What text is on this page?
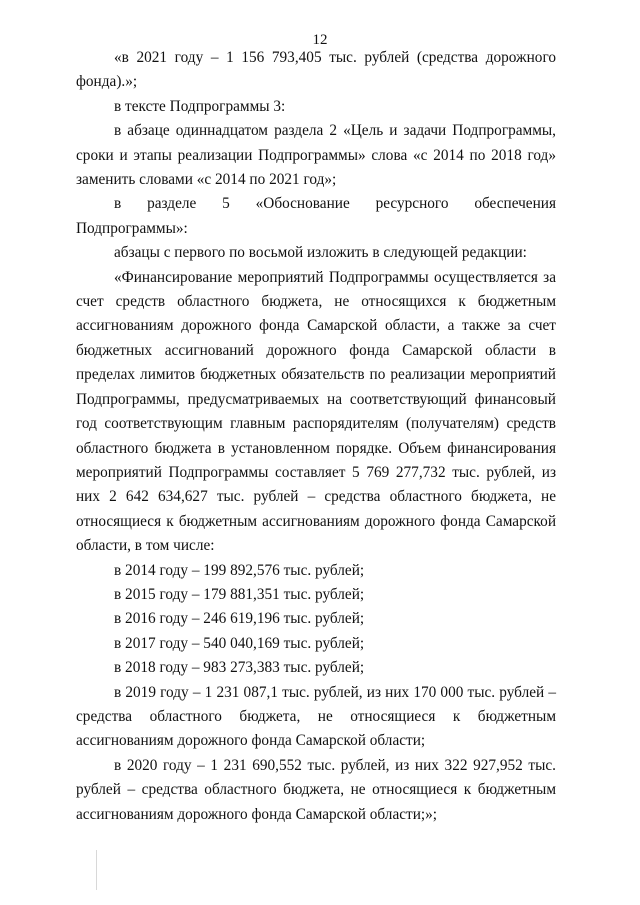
12

«в 2021 году – 1 156 793,405 тыс. рублей (средства дорожного фонда).»;

в тексте Подпрограммы 3:

в абзаце одиннадцатом раздела 2 «Цель и задачи Подпрограммы, сроки и этапы реализации Подпрограммы» слова «с 2014 по 2018 год» заменить словами «с 2014 по 2021 год»;

в разделе 5 «Обоснование ресурсного обеспечения Подпрограммы»:

абзацы с первого по восьмой изложить в следующей редакции:

«Финансирование мероприятий Подпрограммы осуществляется за счет средств областного бюджета, не относящихся к бюджетным ассигнованиям дорожного фонда Самарской области, а также за счет бюджетных ассигнований дорожного фонда Самарской области в пределах лимитов бюджетных обязательств по реализации мероприятий Подпрограммы, предусматриваемых на соответствующий финансовый год соответствующим главным распорядителям (получателям) средств областного бюджета в установленном порядке. Объем финансирования мероприятий Подпрограммы составляет 5 769 277,732 тыс. рублей, из них 2 642 634,627 тыс. рублей – средства областного бюджета, не относящиеся к бюджетным ассигнованиям дорожного фонда Самарской области, в том числе:

в 2014 году – 199 892,576 тыс. рублей;

в 2015 году – 179 881,351 тыс. рублей;

в 2016 году – 246 619,196 тыс. рублей;

в 2017 году – 540 040,169 тыс. рублей;

в 2018 году – 983 273,383 тыс. рублей;

в 2019 году – 1 231 087,1 тыс. рублей, из них 170 000 тыс. рублей – средства областного бюджета, не относящиеся к бюджетным ассигнованиям дорожного фонда Самарской области;

в 2020 году – 1 231 690,552 тыс. рублей, из них 322 927,952 тыс. рублей – средства областного бюджета, не относящиеся к бюджетным ассигнованиям дорожного фонда Самарской области;»;
